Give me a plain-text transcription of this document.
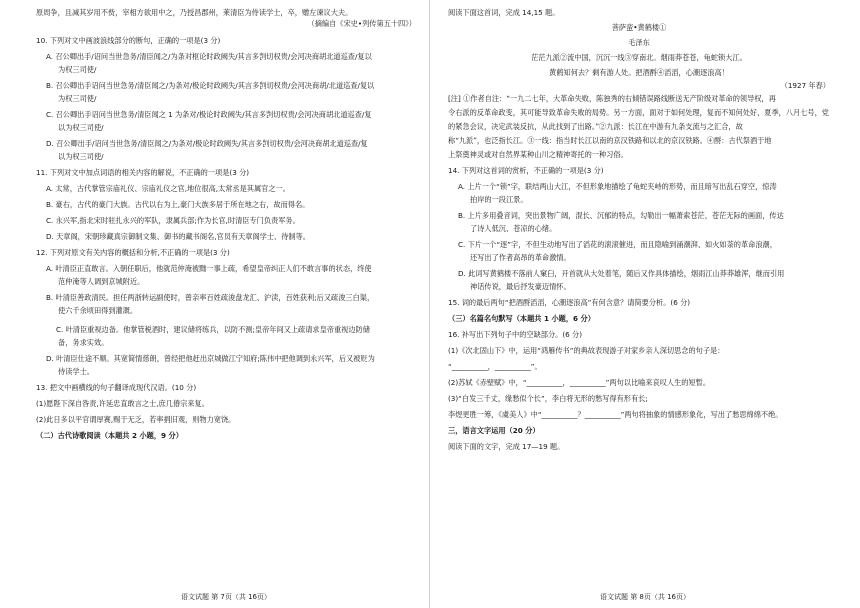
原周争，且减其岁用不赀，宰相方欲用中之，乃授昌郡州，莱清臣为侍读学士，卒，赠左谏议大夫。

（摘编自《宋史•列传第五十四》）

10. 下列对文中画波浪线部分的断句，正确的一项是(3 分)

A. 召公卿出手/诏问当世急务/清臣闻之/为条对枢论时政阙失/其言多剀切权贵/会河决商胡北道巡查/复以

为权三司使/

B. 召公卿出手诏问当世急务/清臣闻之/为条对/极论时政阙失/其言多剀切权贵/会河决商胡/北道巡查/复以

为权三司使/

C. 召公卿出手诏问当世急务/清臣闻之 1 为条对/极论时政阙失/其言多剀切权贵/会河决商胡北道巡查/复

以为权三司使/

D. 召公卿出手/诏问当世急务/清臣闻之/为条对/极论时政阙失/其言多剀切权贵/会河决商胡北道巡查/复

以为权三司使/

11. 下列对文中加点词语的相关内容的解说，不正确的一项是(3 分)

A. 太常，古代掌管宗庙礼仪、宗庙礼仪之官,地位很高,太常丞是其属官之一。

B. 豪右，古代的豪门大族。古代以右为上,豪门大族多居于所在地之右，故而得名。

C. 永兴军,指北宋时驻扎永兴的军队，隶属兵部;作为长官,时清臣专门负责军务。

D. 天章阁，宋朝珍藏真宗御制文集、御书的藏书阁名,官员有天章阁学士、待制等。

12. 下列对原文有关内容的概括和分析,不正确的一项是(3 分)

A. 叶清臣正直敢言。入朝任职后，他就范仲淹被黜一事上疏，希望皇帝纠正人们不敢言事的状态，终使

范仲淹等人调到京城附近。

B. 叶清臣善政清民。担任两浙转运副使时，曾亲率百姓疏浚盘龙汇、沪渎，百姓获利;后又疏浚三白渠，

使六千余顷田得到灌溉。

C. 叶清臣重视边备。他掌管税酒时，建议储将练兵，以防不测;皇帝年间又上疏请求皇帝重视边防储

备，务求实效。

D. 叶清臣仕途不顺。其宽简情慈朗，曾经把他赶出京城做江宁知府;陈伟中把他调到永兴军，后又被贬为

侍读学士。

13. 把文中画横线的句子翻译成现代汉语。(10 分)

(1)愿陛下深自咎责,许延忠直敢言之士,庶几偆宗来复。

(2)此日多以平官谓厚赛,赐于无乏，若率捐旧观，则物力宽饶。

（二）古代诗歌阅读（本题共 2 小题，9 分）

语文试题 第 7页（共 16页）

阅读下面这首词，完成 14,15 题。

菩萨蛮•黄鹤楼①

毛泽东

茫茫九派②流中国，沉沉一线③穿南北。烟雨莽苍苍，龟蛇锁大江。

黄鹤知何去？剩有游人处。把酒酹④滔滔，心潮逐浪高！

（1927 年春）

[注] ①作者自注：“一九二七年，大革命失败，陈独秀的右倾错误路线断送无产阶级对革命的领导权，再

令右派的反革命政变，其可能导致革命失败的局势。另一方面，面对于如何处理，复而不知何处好，夏季，八月七号，党

的紧急会议，决定武装反抗，从此找到了出路。”②九派：长江在中游有九条支流与之汇合，故

称“九派”，也泛指长江。③一线：指当时长江以南的京汉铁路和以北的京汉铁路。④酹：古代祭酒于地

上祭奠神灵或对自然界某种山川之精神寄托的一种习俗。

14. 下列对这首词的赏析，不正确的一项是(3 分)

A. 上片一个“锁”字，联结两山大江，不但形象地描绘了龟蛇夹峙的形势，而且暗写出乱石穿空，惊涛

拍岸的一段江景。

B. 上片多用叠音词，突出景物广阔，混长、沉郁的特点，勾勒出一幅萧索苍茫，苍茫无际的画面，传达

了诗人低沉、苍凉的心绪。

C. 下片一个“逐”字，不但生动地写出了滔花的滚滚催进，而且隐喻到涌潮湃、如火如荼的革命浪潮，

还写出了作者高昂的革命激情。

D. 此词写黄鹤楼不落前人窠臼，开首就从大处着笔，随后又作具体描绘，烟雨江山莽莽雄浑，继而引用

神话传说，最后抒发豪迈情怀。

15. 词的最后两句“把酒酹滔滔，心潮逐浪高”有何含意？请简要分析。(6 分)

（三）名篇名句默写（本题共 1 小题，6 分）

16. 补写出下列句子中的空缺部分。(6 分)

(1)《次北固山下》中，运用“鸿雁传书”的典故表现游子对家乡亲人深切思念的句子是：

“__________，__________”。

(2)苏轼《赤壁赋》中，“__________，__________”两句以比喻来哀叹人生的短暂。

(3)“白发三千丈，缘愁似个长”，李白将无形的愁写得有形有长;

李煜更胜一筹，《虞美人》中“__________？__________”两句将抽象的情感形象化，写出了愁思绵绵不绝。

三，语言文字运用（20 分）

阅读下面的文字，完成 17—19 题。

语文试题 第 8页（共 16页）
